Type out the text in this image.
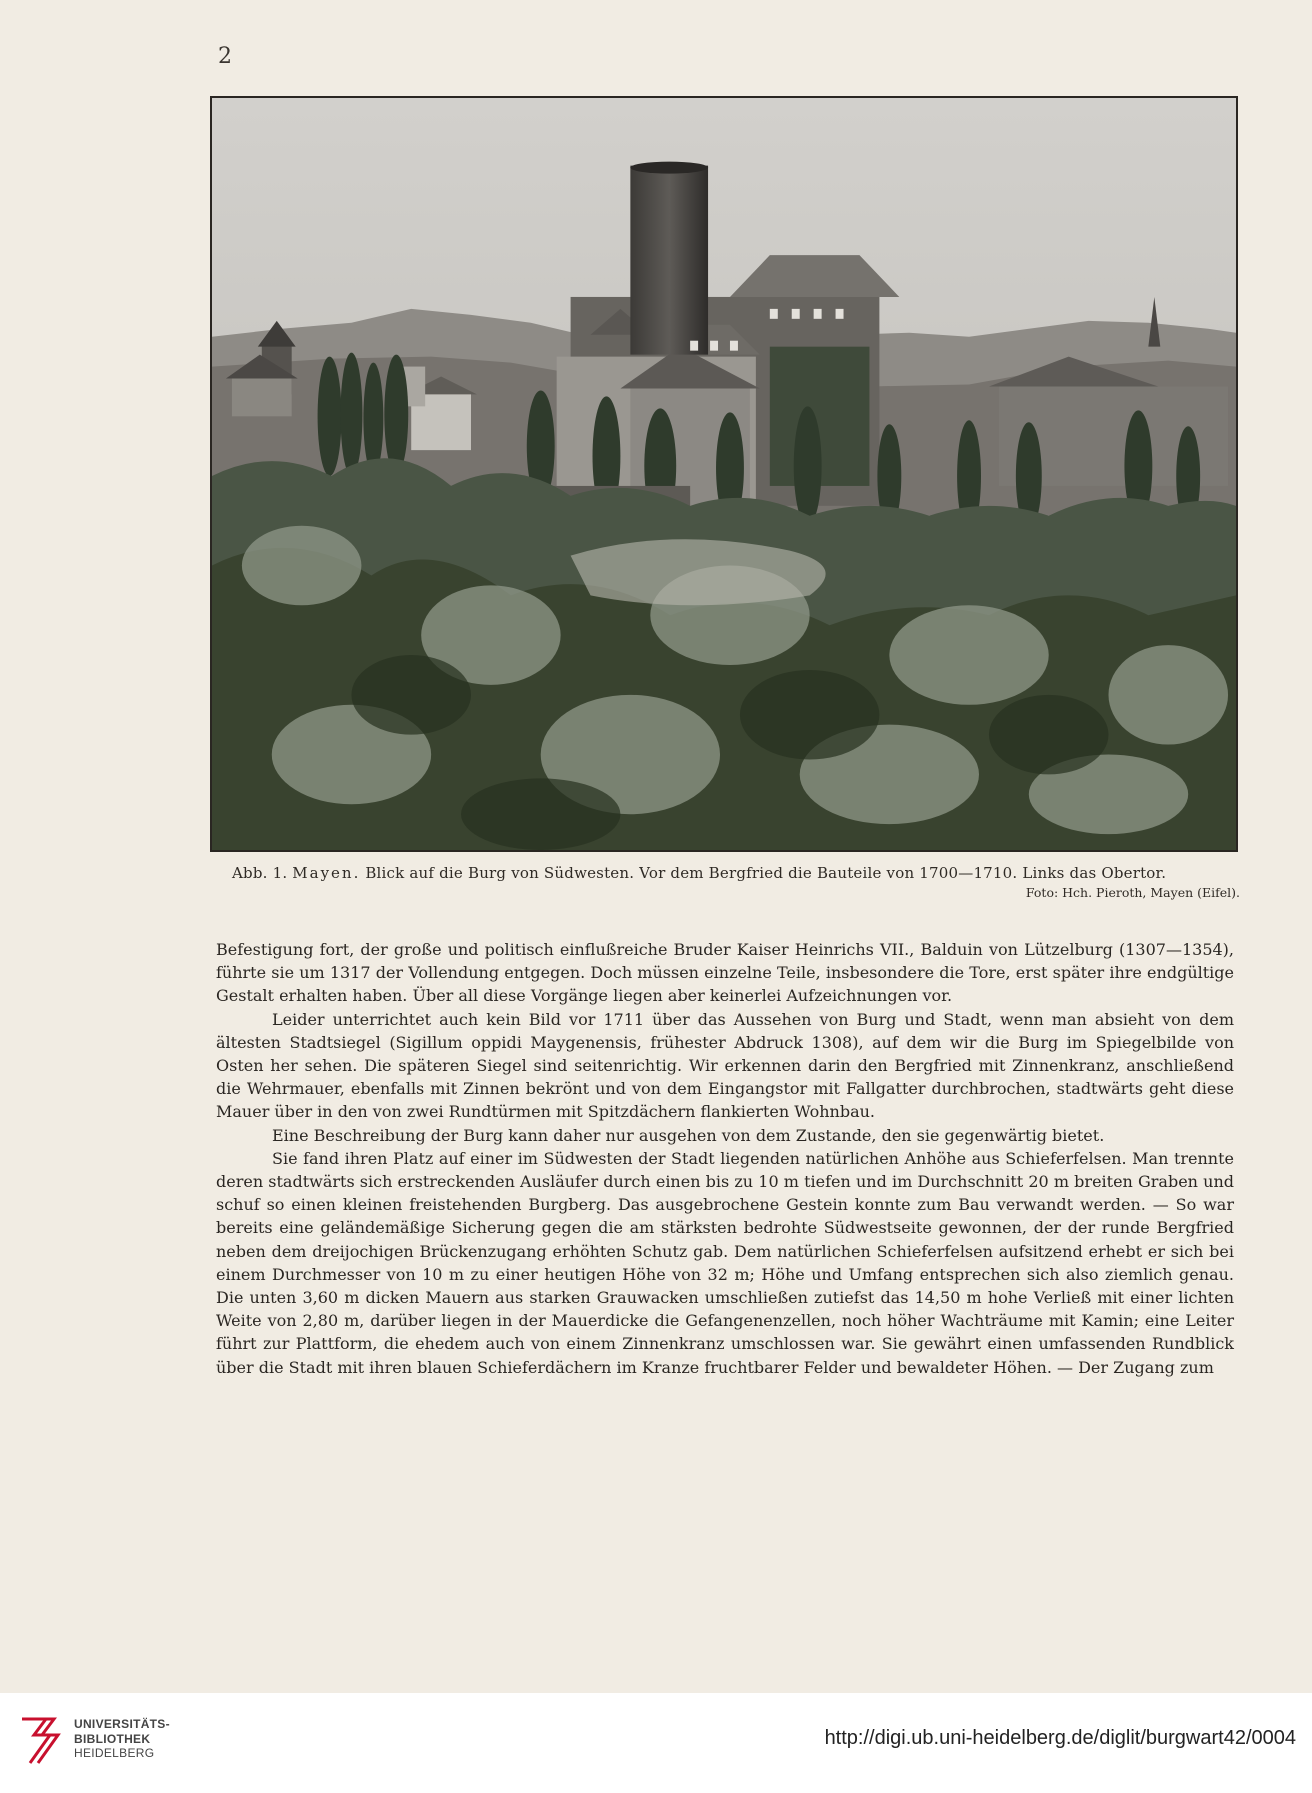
2
Abb. 1. Mayen. Blick auf die Burg von Südwesten. Vor dem Bergfried die Bauteile von 1700—1710. Links das Obertor.
Foto: Hch. Pieroth, Mayen (Eifel).

Befestigung fort, der große und politisch einflußreiche Bruder Kaiser Heinrichs VII., Balduin von Lützelburg (1307—1354), führte sie um 1317 der Vollendung entgegen. Doch müssen einzelne Teile, insbesondere die Tore, erst später ihre endgültige Gestalt erhalten haben. Über all diese Vorgänge liegen aber keinerlei Aufzeichnungen vor.

Leider unterrichtet auch kein Bild vor 1711 über das Aussehen von Burg und Stadt, wenn man absieht von dem ältesten Stadtsiegel (Sigillum oppidi Maygenensis, frühester Abdruck 1308), auf dem wir die Burg im Spiegelbilde von Osten her sehen. Die späteren Siegel sind seitenrichtig. Wir erkennen darin den Bergfried mit Zinnenkranz, anschließend die Wehrmauer, ebenfalls mit Zinnen bekrönt und von dem Eingangstor mit Fallgatter durchbrochen, stadtwärts geht diese Mauer über in den von zwei Rundtürmen mit Spitzdächern flankierten Wohnbau.

Eine Beschreibung der Burg kann daher nur ausgehen von dem Zustande, den sie gegenwärtig bietet.

Sie fand ihren Platz auf einer im Südwesten der Stadt liegenden natürlichen Anhöhe aus Schieferfelsen. Man trennte deren stadtwärts sich erstreckenden Ausläufer durch einen bis zu 10 m tiefen und im Durchschnitt 20 m breiten Graben und schuf so einen kleinen freistehenden Burgberg. Das ausgebrochene Gestein konnte zum Bau verwandt werden. — So war bereits eine geländemäßige Sicherung gegen die am stärksten bedrohte Südwestseite gewonnen, der der runde Bergfried neben dem dreijochigen Brückenzugang erhöhten Schutz gab. Dem natürlichen Schieferfelsen aufsitzend erhebt er sich bei einem Durchmesser von 10 m zu einer heutigen Höhe von 32 m; Höhe und Umfang entsprechen sich also ziemlich genau. Die unten 3,60 m dicken Mauern aus starken Grauwacken umschließen zutiefst das 14,50 m hohe Verließ mit einer lichten Weite von 2,80 m, darüber liegen in der Mauerdicke die Gefangenenzellen, noch höher Wachträume mit Kamin; eine Leiter führt zur Plattform, die ehedem auch von einem Zinnenkranz umschlossen war. Sie gewährt einen umfassenden Rundblick über die Stadt mit ihren blauen Schieferdächern im Kranze fruchtbarer Felder und bewaldeter Höhen. — Der Zugang zum

UNIVERSITÄTS-
BIBLIOTHEK
HEIDELBERG
http://digi.ub.uni-heidelberg.de/diglit/burgwart42/0004
